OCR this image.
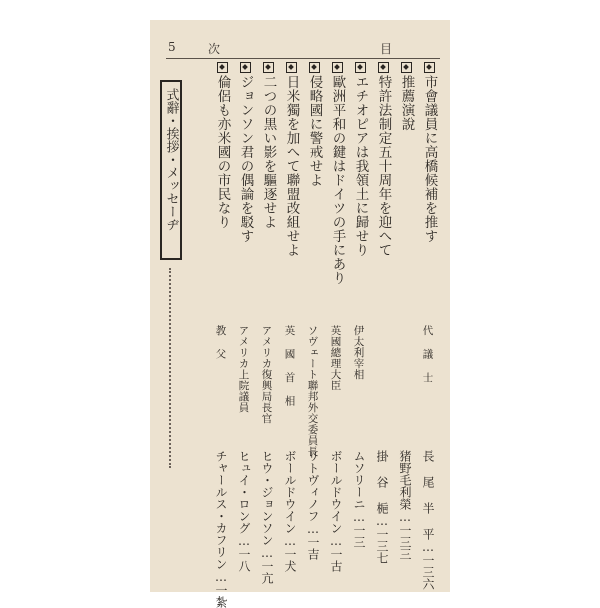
5	次	目
市會議員に高橋候補を推す
推薦演說
特許法制定五十周年を迎へて
エチオピアは我領土に歸せり
歐洲平和の鍵はドイツの手にあり
侵略國に警戒せよ
日米獨を加へて聯盟改組せよ
二つの黒い影を驅逐せよ
ジョンソン君の偶論を駁す
倫侶も亦米國の市民なり
式辭・挨拶・メッセーヂ
代 議 士
伊太利宰相
英國總理大臣
ソヴェート聯邦外交委員長
英 國 首 相
アメリカ復興局長官
アメリカ上院議員
教 父
長 尾 半 平…一三六
猪野毛利榮…一三三
掛 谷 梔…一三七
ムソリーニ…一三
ボールドウイン…一古
リトヴィノフ…一吉
ボールドウイン…一犬
ヒウ・ジョンソン…一亢
ヒュイ・ロング…一八
チャールス・カフリン…一紮
